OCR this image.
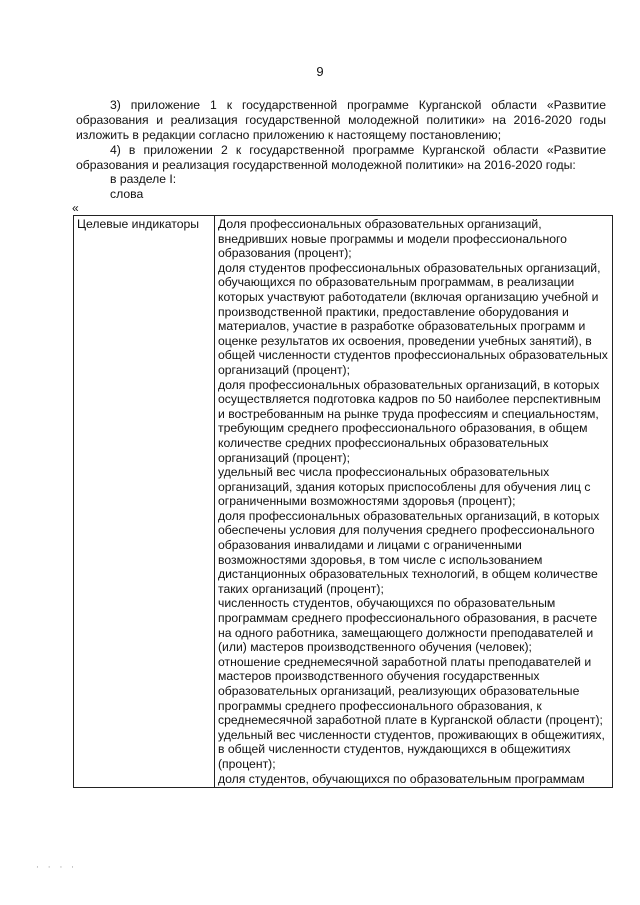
9

3) приложение 1 к государственной программе Курганской области «Развитие образования и реализация государственной молодежной политики» на 2016-2020 годы изложить в редакции согласно приложению к настоящему постановлению;

4) в приложении 2 к государственной программе Курганской области «Развитие образования и реализация государственной молодежной политики» на 2016-2020 годы:

в разделе I:

слова

«
Целевые индикаторы	Доля профессиональных образовательных организаций, внедривших новые программы и модели профессионального образования (процент);
доля студентов профессиональных образовательных организаций, обучающихся по образовательным программам, в реализации которых участвуют работодатели (включая организацию учебной и производственной практики, предоставление оборудования и материалов, участие в разработке образовательных программ и оценке результатов их освоения, проведении учебных занятий), в общей численности студентов профессиональных образовательных организаций (процент);
доля профессиональных образовательных организаций, в которых осуществляется подготовка кадров по 50 наиболее перспективным и востребованным на рынке труда профессиям и специальностям, требующим среднего профессионального образования, в общем количестве средних профессиональных образовательных организаций (процент);
удельный вес числа профессиональных образовательных организаций, здания которых приспособлены для обучения лиц с ограниченными возможностями здоровья (процент);
доля профессиональных образовательных организаций, в которых обеспечены условия для получения среднего профессионального образования инвалидами и лицами с ограниченными возможностями здоровья, в том числе с использованием дистанционных образовательных технологий, в общем количестве таких организаций (процент);
численность студентов, обучающихся по образовательным программам среднего профессионального образования, в расчете на одного работника, замещающего должности преподавателей и (или) мастеров производственного обучения (человек);
отношение среднемесячной заработной платы преподавателей и мастеров производственного обучения государственных образовательных организаций, реализующих образовательные программы среднего профессионального образования, к среднемесячной заработной плате в Курганской области (процент);
удельный вес численности студентов, проживающих в общежитиях, в общей численности студентов, нуждающихся в общежитиях (процент);
доля студентов, обучающихся по образовательным программам
· · · ·
